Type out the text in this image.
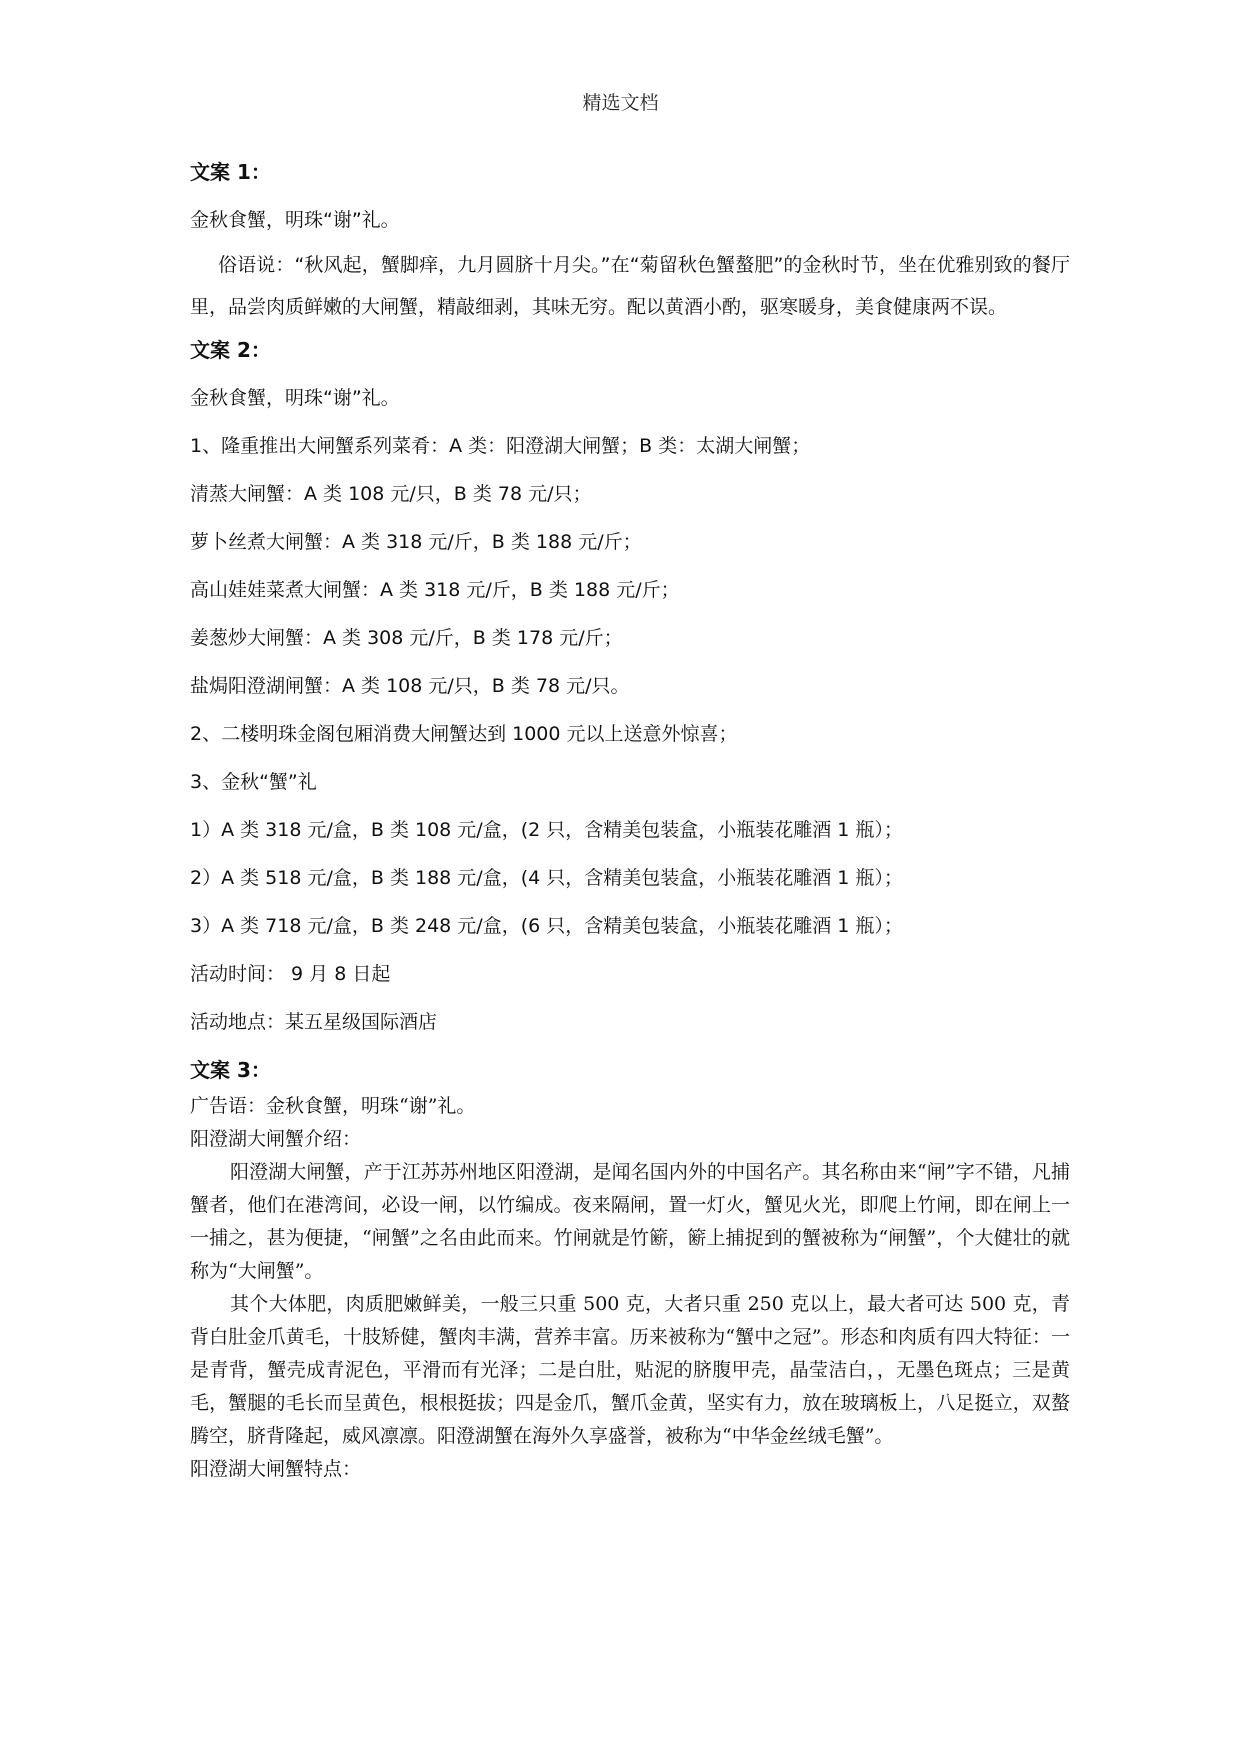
精选文档

文案 1：

金秋食蟹，明珠“谢”礼。

俗语说：“秋风起，蟹脚痒，九月圆脐十月尖。”在“菊留秋色蟹螯肥”的金秋时节，坐在优雅别致的餐厅里，品尝肉质鲜嫩的大闸蟹，精敲细剥，其味无穷。配以黄酒小酌，驱寒暖身，美食健康两不误。

文案 2：

金秋食蟹，明珠“谢”礼。

1、隆重推出大闸蟹系列菜肴：A 类：阳澄湖大闸蟹；B 类：太湖大闸蟹；

清蒸大闸蟹：A 类 108 元/只，B 类 78 元/只；

萝卜丝煮大闸蟹：A 类 318 元/斤，B 类 188 元/斤；

高山娃娃菜煮大闸蟹：A 类 318 元/斤，B 类 188 元/斤；

姜葱炒大闸蟹：A 类 308 元/斤，B 类 178 元/斤；

盐焗阳澄湖闸蟹：A 类 108 元/只，B 类 78 元/只。

2、二楼明珠金阁包厢消费大闸蟹达到 1000 元以上送意外惊喜；

3、金秋“蟹”礼

1）A 类 318 元/盒，B 类 108 元/盒，(2 只，含精美包装盒，小瓶装花雕酒 1 瓶）；

2）A 类 518 元/盒，B 类 188 元/盒，(4 只，含精美包装盒，小瓶装花雕酒 1 瓶）；

3）A 类 718 元/盒，B 类 248 元/盒，(6 只，含精美包装盒，小瓶装花雕酒 1 瓶）；

活动时间： 9 月 8 日起

活动地点：某五星级国际酒店

文案 3：

广告语：金秋食蟹，明珠“谢”礼。

阳澄湖大闸蟹介绍：

阳澄湖大闸蟹，产于江苏苏州地区阳澄湖，是闻名国内外的中国名产。其名称由来“闸”字不错，凡捕蟹者，他们在港湾间，必设一闸，以竹编成。夜来隔闸，置一灯火，蟹见火光，即爬上竹闸，即在闸上一一捕之，甚为便捷，“闸蟹”之名由此而来。竹闸就是竹簖，簖上捕捉到的蟹被称为“闸蟹”，个大健壮的就称为“大闸蟹”。

其个大体肥，肉质肥嫩鲜美，一般三只重 500 克，大者只重 250 克以上，最大者可达 500 克，青背白肚金爪黄毛，十肢矫健，蟹肉丰满，营养丰富。历来被称为“蟹中之冠”。形态和肉质有四大特征：一是青背，蟹壳成青泥色，平滑而有光泽；二是白肚，贴泥的脐腹甲壳，晶莹洁白，，无墨色斑点；三是黄毛，蟹腿的毛长而呈黄色，根根挺拔；四是金爪，蟹爪金黄，坚实有力，放在玻璃板上，八足挺立，双螯腾空，脐背隆起，威风凛凛。阳澄湖蟹在海外久享盛誉，被称为“中华金丝绒毛蟹”。

阳澄湖大闸蟹特点：
